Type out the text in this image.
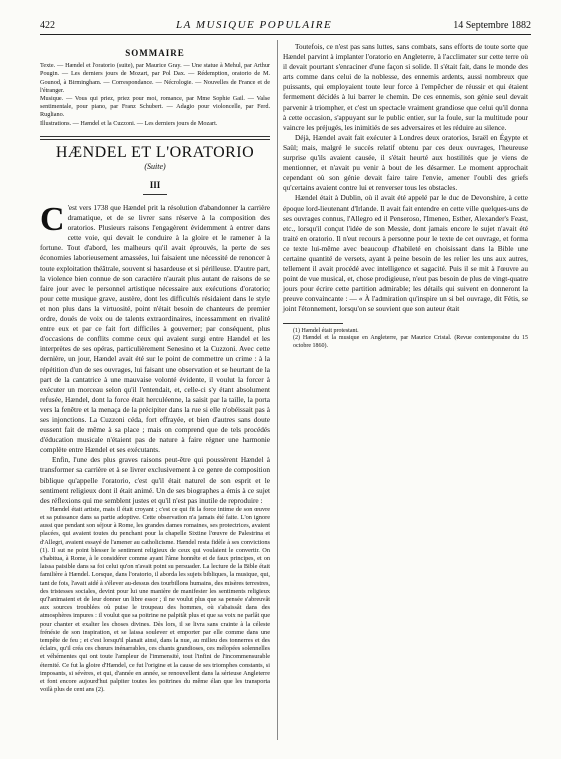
422	LA MUSIQUE POPULAIRE	14 Septembre 1882
SOMMAIRE

Texte. — Hændel et l'oratorio (suite), par Maurice Gray. — Une statue à Mehul, par Arthur Pougin. — Les derniers jours de Mozart, par Pol Dax. — Rédemption, oratorio de M. Gounod, à Birmingham. — Correspondance. — Nécrologie. — Nouvelles de France et de l'étranger.

Musique. — Vous qui priez, priez pour moi, romance, par Mme Sophie Gail. — Valse sentimentale, pour piano, par Franz Schubert. — Adagio pour violoncelle, par Ferd. Rugliano.

Illustrations. — Hændel et la Cuzzoni. — Les derniers jours de Mozart.

HÆNDEL ET L'ORATORIO
(Suite)
III

C 'est vers 1738 que Hændel prit la résolution d'abandonner la carrière dramatique, et de se livrer sans réserve à la composition des oratorios. Plusieurs raisons l'engagèrent évidemment à entrer dans cette voie, qui devait le conduire à la gloire et le ramener à la fortune. Tout d'abord, les malheurs qu'il avait éprouvés, la perte de ses économies laborieusement amassées, lui faisaient une nécessité de renoncer à toute exploitation théâtrale, souvent si hasardeuse et si périlleuse. D'autre part, la violence bien connue de son caractère n'aurait plus autant de raisons de se faire jour avec le personnel artistique nécessaire aux exécutions d'oratorio; pour cette musique grave, austère, dont les difficultés résidaient dans le style et non plus dans la virtuosité, point n'était besoin de chanteurs de premier ordre, doués de voix ou de talents extraordinaires, incessamment en rivalité entre eux et par ce fait fort difficiles à gouverner; par conséquent, plus d'occasions de conflits comme ceux qui avaient surgi entre Hændel et les interprètes de ses opéras, particulièrement Senesino et la Cuzzoni. Avec cette dernière, un jour, Hændel avait été sur le point de commettre un crime : à la répétition d'un de ses ouvrages, lui faisant une observation et se heurtant de la part de la cantatrice à une mauvaise volonté évidente, il voulut la forcer à exécuter un morceau selon qu'il l'entendait, et, celle-ci s'y étant absolument refusée, Hændel, dont la force était herculéenne, la saisit par la taille, la porta vers la fenêtre et la menaça de la précipiter dans la rue si elle n'obéissait pas à ses injonctions. La Cuzzoni céda, fort effrayée, et bien d'autres sans doute eussent fait de même à sa place ; mais on comprend que de tels procédés d'éducation musicale n'étaient pas de nature à faire régner une harmonie complète entre Hændel et ses exécutants.

Enfin, l'une des plus graves raisons peut-être qui poussèrent Hændel à transformer sa carrière et à se livrer exclusivement à ce genre de composition biblique qu'appelle l'oratorio, c'est qu'il était naturel de son esprit et le sentiment religieux dont il était animé. Un de ses biographes a émis à ce sujet des réflexions qui me semblent justes et qu'il n'est pas inutile de reproduire :

Hændel était artiste, mais il était croyant ; c'est ce qui fit la force intime de son œuvre et sa puissance dans sa partie adoptive. Cette observation n'a jamais été faite. L'on ignore aussi que pendant son séjour à Rome, les grandes dames romaines, ses protectrices, avaient placées, qui avaient toutes du penchant pour la chapelle Sixtine l'œuvre de Palestrina et d'Allegri, avaient essayé de l'amener au catholicisme. Hændel resta fidèle à ses convictions (1). Il sut ne point blesser le sentiment religieux de ceux qui voulaient le convertir. On s'habitua, à Rome, à le considérer comme ayant l'âme honnête et de faux principes, et on laissa paisible dans sa foi celui qu'on n'avait point su persuader. La lecture de la Bible était familière à Hændel. Lorsque, dans l'oratorio, il aborda les sujets bibliques, la musique, qui, tant de fois, l'avait aidé à s'élever au-dessus des tourbillons humains, des misères terrestres, des tristesses sociales, devint pour lui une manière de manifester les sentiments religieux qu'l'animaient et de leur donner un libre essor ; il ne voulut plus que sa pensée s'abreuvât aux sources troublées où puise le troupeau des hommes, où s'abaissât dans des atmosphères impures : il voulut que sa poitrine ne palpitât plus et que sa voix ne parlât que pour chanter et exalter les choses divines. Dès lors, il se livra sans crainte à la céleste frénésie de son inspiration, et se laissa soulever et emporter par elle comme dans une tempête de feu ; et c'est lorsqu'il planait ainsi, dans la nue, au milieu des tonnerres et des éclairs, qu'il créa ces chœurs inénarrables, ces chants grandioses, ces mélopées solennelles et véhémentes qui ont toute l'ampleur de l'immensité, tout l'infini de l'incommensurable éternité. Ce fut la gloire d'Hændel, ce fut l'origine et la cause de ses triomphes constants, si imposants, si sévères, et qui, d'année en année, se renouvellent dans la sérieuse Angleterre et font encore aujourd'hui palpiter toutes les poitrines du même élan que les transporta voilà plus de cent ans (2).

Toutefois, ce n'est pas sans luttes, sans combats, sans efforts de toute sorte que Hændel parvint à implanter l'oratorio en Angleterre, à l'acclimater sur cette terre où il devait pourtant s'enraciner d'une façon si solide. Il s'était fait, dans le monde des arts comme dans celui de la noblesse, des ennemis ardents, aussi nombreux que puissants, qui employaient toute leur force à l'empêcher de réussir et qui étaient fermement décidés à lui barrer le chemin. De ces ennemis, son génie seul devait parvenir à triompher, et c'est un spectacle vraiment grandiose que celui qu'il donna à cette occasion, s'appuyant sur le public entier, sur la foule, sur la multitude pour vaincre les préjugés, les inimitiés de ses adversaires et les réduire au silence.

Déjà, Hændel avait fait exécuter à Londres deux oratorios, Israël en Égypte et Saül; mais, malgré le succès relatif obtenu par ces deux ouvrages, l'heureuse surprise qu'ils avaient causée, il s'était heurté aux hostilités que je viens de mentionner, et n'avait pu venir à bout de les désarmer. Le moment approchait cependant où son génie devait faire taire l'envie, amener l'oubli des griefs qu'certains avaient contre lui et renverser tous les obstacles.

Hændel était à Dublin, où il avait été appelé par le duc de Devonshire, à cette époque lord-lieutenant d'Irlande. Il avait fait entendre en cette ville quelques-uns de ses ouvrages connus, l'Allegro ed il Penseroso, l'Imeneo, Esther, Alexander's Feast, etc., lorsqu'il conçut l'idée de son Messie, dont jamais encore le sujet n'avait été traité en oratorio. Il n'eut recours à personne pour le texte de cet ouvrage, et forma ce texte lui-même avec beaucoup d'habileté en choisissant dans la Bible une certaine quantité de versets, ayant à peine besoin de les relier les uns aux autres, tellement il avait procédé avec intelligence et sagacité. Puis il se mit à l'œuvre au point de vue musical, et, chose prodigieuse, n'eut pas besoin de plus de vingt-quatre jours pour écrire cette partition admirable; les détails qui suivent en donneront la preuve convaincante : — « À l'admiration qu'inspire un si bel ouvrage, dit Fétis, se joint l'étonnement, lorsqu'on se souvient que son auteur était

(1) Hændel était protestant.

(2) Hændel et la musique en Angleterre, par Maurice Cristal. (Revue contemporaine du 15 octobre 1860).
